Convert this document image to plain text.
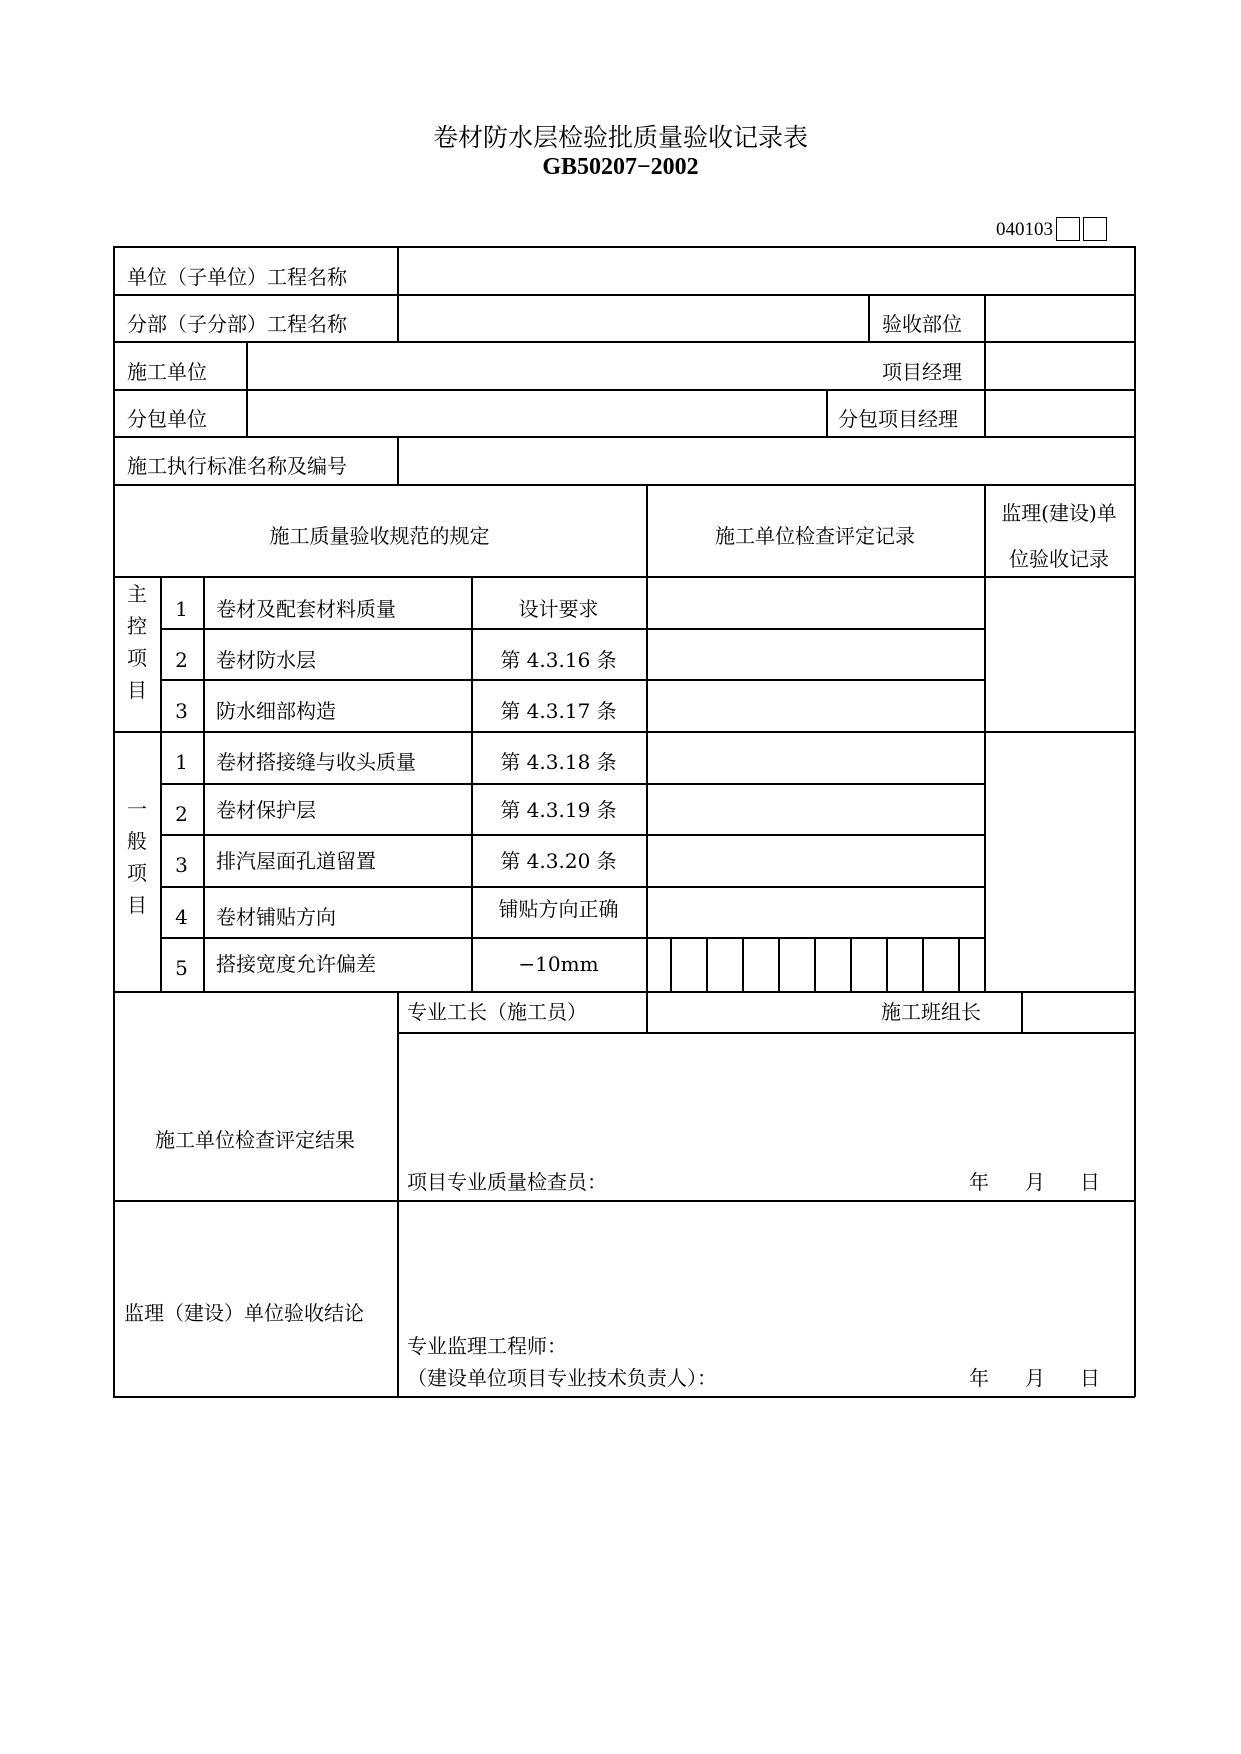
卷材防水层检验批质量验收记录表
GB50207−2002
040103
单位（子单位）工程名称
分部（子分部）工程名称	验收部位
施工单位	项目经理
分包单位	分包项目经理
施工执行标准名称及编号
施工质量验收规范的规定	施工单位检查评定记录
监理(建设)单
位验收记录
主
控
项
目
1	卷材及配套材料质量	设计要求
2	卷材防水层	第 4.3.16 条
3	防水细部构造	第 4.3.17 条
一
般
项
目
1	卷材搭接缝与收头质量	第 4.3.18 条
2	卷材保护层	第 4.3.19 条
3	排汽屋面孔道留置	第 4.3.20 条
4	卷材铺贴方向	铺贴方向正确
5	搭接宽度允许偏差	−10mm
专业工长（施工员）	施工班组长
施工单位检查评定结果
项目专业质量检查员：	年 月 日
监理（建设）单位验收结论
专业监理工程师：
（建设单位项目专业技术负责人）：	年 月 日
